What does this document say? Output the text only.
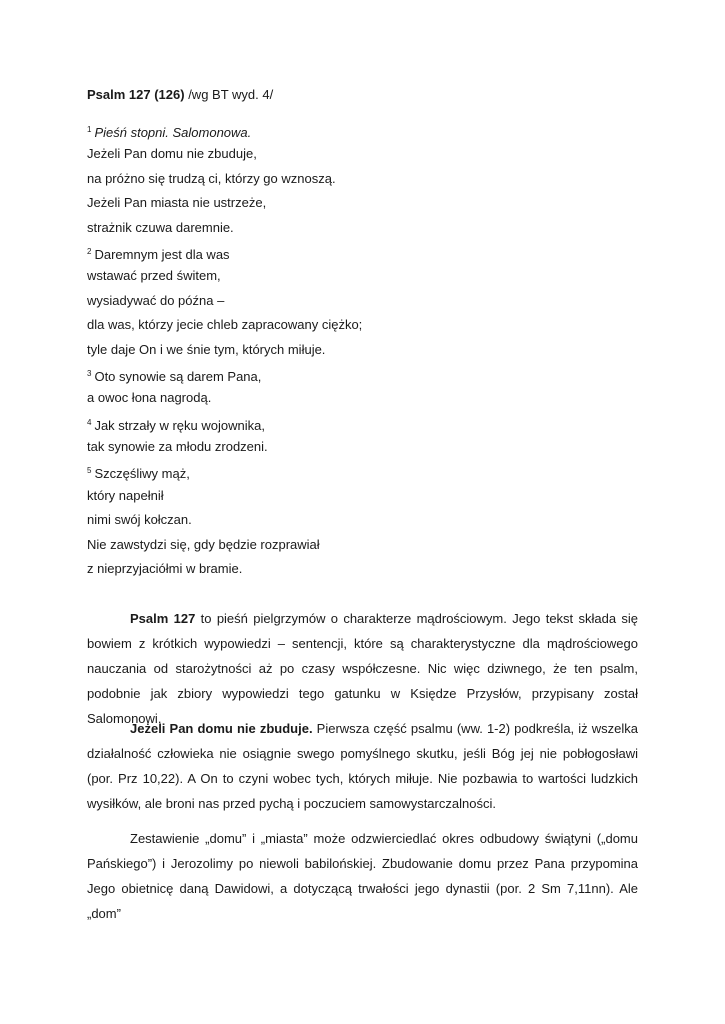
Psalm 127 (126) /wg BT wyd. 4/
$^1$ Pieśń stopni. Salomonowa.
Jeżeli Pan domu nie zbuduje,
na próżno się trudzą ci, którzy go wznoszą.
Jeżeli Pan miasta nie ustrzeże,
strażnik czuwa daremnie.
$^2$ Daremnym jest dla was
wstawać przed świtem,
wysiadywać do późna –
dla was, którzy jecie chleb zapracowany ciężko;
tyle daje On i we śnie tym, których miłuje.
$^3$ Oto synowie są darem Pana,
a owoc łona nagrodą.
$^4$ Jak strzały w ręku wojownika,
tak synowie za młodu zrodzeni.
$^5$ Szczęśliwy mąż,
który napełnił
nimi swój kołczan.
Nie zawstydzi się, gdy będzie rozprawiał
z nieprzyjaciółmi w bramie.

Psalm 127 to pieśń pielgrzymów o charakterze mądrościowym. Jego tekst składa się bowiem z krótkich wypowiedzi – sentencji, które są charakterystyczne dla mądrościowego nauczania od starożytności aż po czasy współczesne. Nic więc dziwnego, że ten psalm, podobnie jak zbiory wypowiedzi tego gatunku w Księdze Przysłów, przypisany został Salomonowi.

Jeżeli Pan domu nie zbuduje. Pierwsza część psalmu (ww. 1-2) podkreśla, iż wszelka działalność człowieka nie osiągnie swego pomyślnego skutku, jeśli Bóg jej nie pobłogosławi (por. Prz 10,22). A On to czyni wobec tych, których miłuje. Nie pozbawia to wartości ludzkich wysiłków, ale broni nas przed pychą i poczuciem samowystarczalności.

Zestawienie „domu” i „miasta” może odzwierciedlać okres odbudowy świątyni („domu Pańskiego”) i Jerozolimy po niewoli babilońskiej. Zbudowanie domu przez Pana przypomina Jego obietnicę daną Dawidowi, a dotyczącą trwałości jego dynastii (por. 2 Sm 7,11nn). Ale „dom”
